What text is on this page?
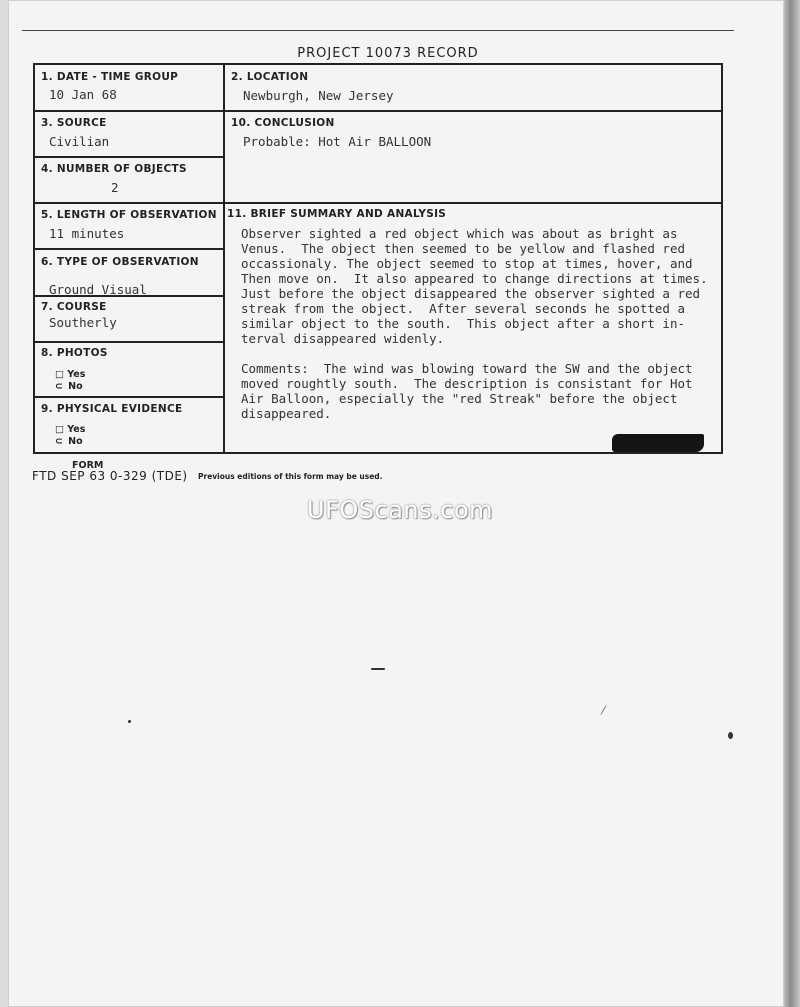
PROJECT 10073 RECORD
1. DATE - TIME GROUP
10 Jan 68
2. LOCATION
Newburgh, New Jersey
3. SOURCE
Civilian
10. CONCLUSION
Probable: Hot Air BALLOON
4. NUMBER OF OBJECTS
2
5. LENGTH OF OBSERVATION
11 minutes
6. TYPE OF OBSERVATION
Ground Visual
7. COURSE
Southerly
8. PHOTOS
□ Yes
⊂  No
9. PHYSICAL EVIDENCE
□ Yes
⊂  No
11. BRIEF SUMMARY AND ANALYSIS
Observer sighted a red object which was about as bright as
Venus.  The object then seemed to be yellow and flashed red
occassionaly. The object seemed to stop at times, hover, and
Then move on.  It also appeared to change directions at times.
Just before the object disappeared the observer sighted a red
streak from the object.  After several seconds he spotted a
similar object to the south.  This object after a short in-
terval disappeared widenly.
Comments:  The wind was blowing toward the SW and the object
moved roughtly south.  The description is consistant for Hot
Air Balloon, especially the "red Streak" before the object
disappeared.
FORM
FTD SEP 63 0-329 (TDE) Previous editions of this form may be used.
UFOScans.com
